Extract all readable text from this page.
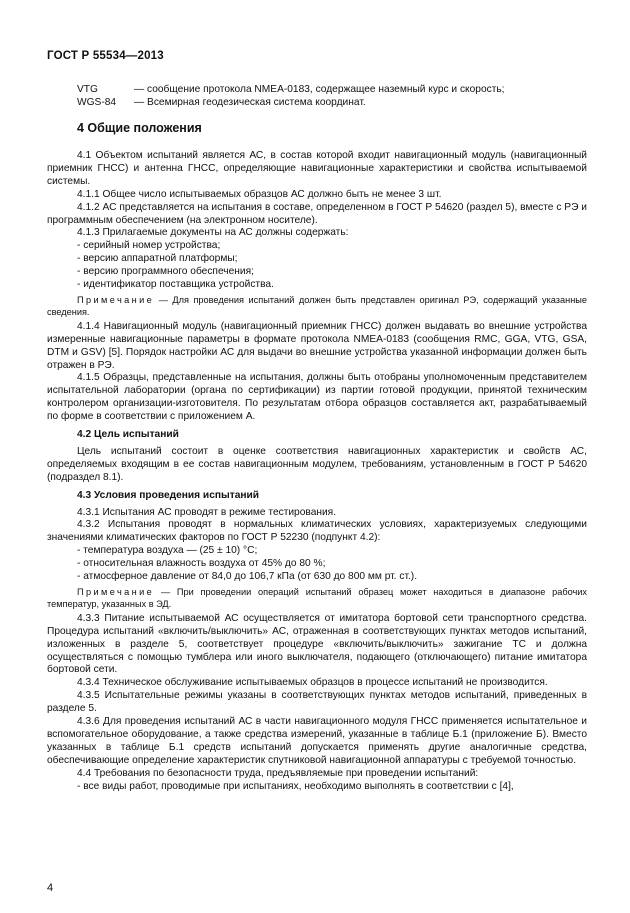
ГОСТ Р 55534—2013
VTG	— сообщение протокола NMEA-0183, содержащее наземный курс и скорость;
WGS-84 — Всемирная геодезическая система координат.
4 Общие положения

4.1 Объектом испытаний является АС, в состав которой входит навигационный модуль (навигационный приемник ГНСС) и антенна ГНСС, определяющие навигационные характеристики и свойства испытываемой системы.

4.1.1 Общее число испытываемых образцов АС должно быть не менее 3 шт.

4.1.2 АС представляется на испытания в составе, определенном в ГОСТ Р 54620 (раздел 5), вместе с РЭ и программным обеспечением (на электронном носителе).

4.1.3 Прилагаемые документы на АС должны содержать:

- серийный номер устройства;

- версию аппаратной платформы;

- версию программного обеспечения;

- идентификатор поставщика устройства.

Примечание — Для проведения испытаний должен быть представлен оригинал РЭ, содержащий указанные сведения.

4.1.4 Навигационный модуль (навигационный приемник ГНСС) должен выдавать во внешние устройства измеренные навигационные параметры в формате протокола NMEA-0183 (сообщения RMC, GGA, VTG, GSA, DTM и GSV) [5]. Порядок настройки АС для выдачи во внешние устройства указанной информации должен быть отражен в РЭ.

4.1.5 Образцы, представленные на испытания, должны быть отобраны уполномоченным представителем испытательной лаборатории (органа по сертификации) из партии готовой продукции, принятой техническим контролером организации-изготовителя. По результатам отбора образцов составляется акт, разрабатываемый по форме в соответствии с приложением А.

4.2 Цель испытаний

Цель испытаний состоит в оценке соответствия навигационных характеристик и свойств АС, определяемых входящим в ее состав навигационным модулем, требованиям, установленным в ГОСТ Р 54620 (подраздел 8.1).

4.3 Условия проведения испытаний

4.3.1 Испытания АС проводят в режиме тестирования.

4.3.2 Испытания проводят в нормальных климатических условиях, характеризуемых следующими значениями климатических факторов по ГОСТ Р 52230 (подпункт 4.2):

- температура воздуха — (25 ± 10) °С;

- относительная влажность воздуха от 45% до 80 %;

- атмосферное давление от 84,0 до 106,7 кПа (от 630 до 800 мм рт. ст.).

Примечание — При проведении операций испытаний образец может находиться в диапазоне рабочих температур, указанных в ЭД.

4.3.3 Питание испытываемой АС осуществляется от имитатора бортовой сети транспортного средства. Процедура испытаний «включить/выключить» АС, отраженная в соответствующих пунктах методов испытаний, изложенных в разделе 5, соответствует процедуре «включить/выключить» зажигание ТС и должна осуществляться с помощью тумблера или иного выключателя, подающего (отключающего) питание имитатора бортовой сети.

4.3.4 Техническое обслуживание испытываемых образцов в процессе испытаний не производится.

4.3.5 Испытательные режимы указаны в соответствующих пунктах методов испытаний, приведенных в разделе 5.

4.3.6 Для проведения испытаний АС в части навигационного модуля ГНСС применяется испытательное и вспомогательное оборудование, а также средства измерений, указанные в таблице Б.1 (приложение Б). Вместо указанных в таблице Б.1 средств испытаний допускается применять другие аналогичные средства, обеспечивающие определение характеристик спутниковой навигационной аппаратуры с требуемой точностью.

4.4 Требования по безопасности труда, предъявляемые при проведении испытаний:

- все виды работ, проводимые при испытаниях, необходимо выполнять в соответствии с [4],

4
